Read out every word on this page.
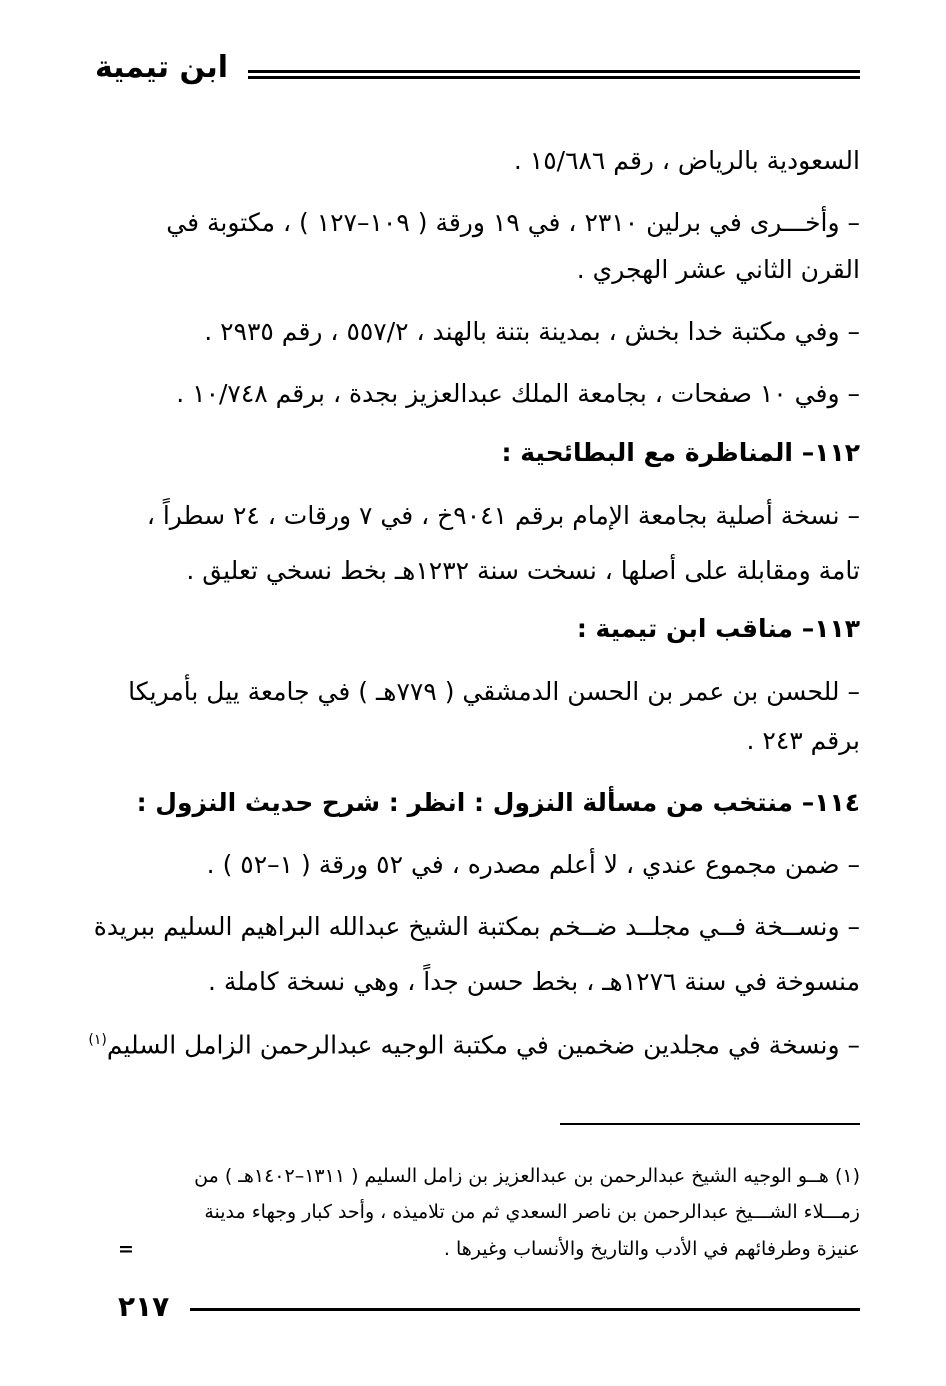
ابن تيمية
السعودية بالرياض ، رقم ١٥/٦٨٦ .
– وأخـــرى في برلين ٢٣١٠ ، في ١٩ ورقة ( ١٠٩–١٢٧ ) ، مكتوبة في
القرن الثاني عشر الهجري .
– وفي مكتبة خدا بخش ، بمدينة بتنة بالهند ، ٥٥٧/٢ ، رقم ٢٩٣٥ .
– وفي ١٠ صفحات ، بجامعة الملك عبدالعزيز بجدة ، برقم ١٠/٧٤٨ .
١١٢– المناظرة مع البطائحية :
– نسخة أصلية بجامعة الإمام برقم ٩٠٤١خ ، في ٧ ورقات ، ٢٤ سطراً ،
تامة ومقابلة على أصلها ، نسخت سنة ١٢٣٢هـ بخط نسخي تعليق .
١١٣– مناقب ابن تيمية :
– للحسن بن عمر بن الحسن الدمشقي ( ٧٧٩هـ ) في جامعة ييل بأمريكا
برقم ٢٤٣ .
١١٤– منتخب من مسألة النزول : انظر : شرح حديث النزول :
– ضمن مجموع عندي ، لا أعلم مصدره ، في ٥٢ ورقة ( ١–٥٢ ) .
– ونســخة فــي مجلــد ضــخم بمكتبة الشيخ عبدالله البراهيم السليم ببريدة
منسوخة في سنة ١٢٧٦هـ ، بخط حسن جداً ، وهي نسخة كاملة .
– ونسخة في مجلدين ضخمين في مكتبة الوجيه عبدالرحمن الزامل السليم$^{(١)}$
(١) هــو الوجيه الشيخ عبدالرحمن بن عبدالعزيز بن زامل السليم ( ١٣١١–١٤٠٢هـ ) من
زمـــلاء الشـــيخ عبدالرحمن بن ناصر السعدي ثم من تلاميذه ، وأحد كبار وجهاء مدينة
عنيزة وطرفائهم في الأدب والتاريخ والأنساب وغيرها .
=
٢١٧
